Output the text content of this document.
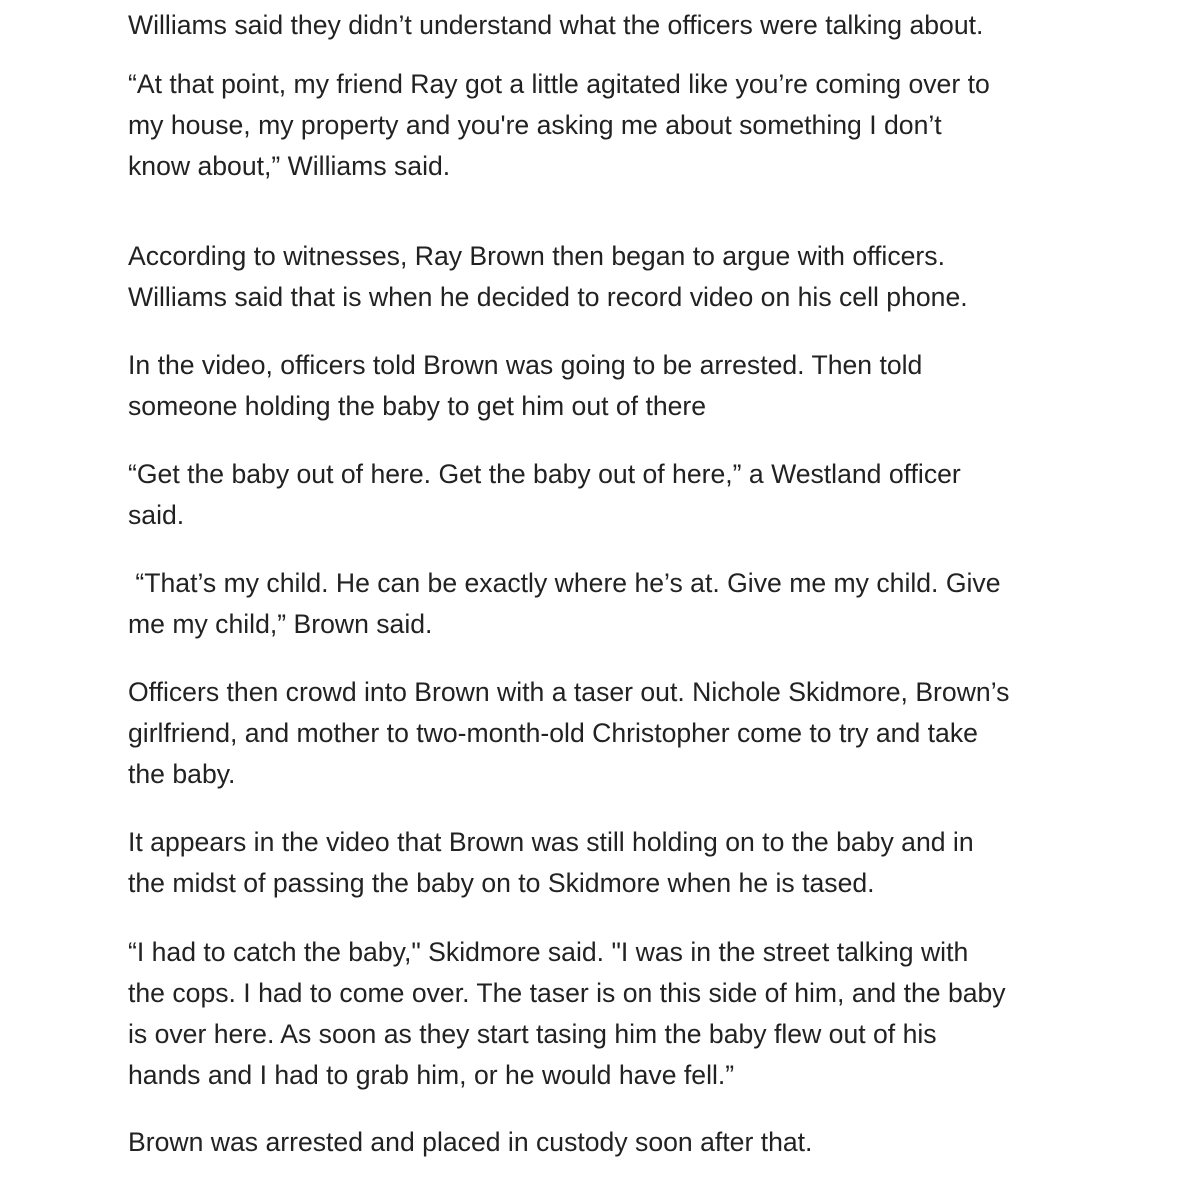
Williams said they didn’t understand what the officers were talking about.

“At that point, my friend Ray got a little agitated like you’re coming over to
my house, my property and you're asking me about something I don’t
know about,” Williams said.

According to witnesses, Ray Brown then began to argue with officers.
Williams said that is when he decided to record video on his cell phone.

In the video, officers told Brown was going to be arrested. Then told
someone holding the baby to get him out of there

“Get the baby out of here. Get the baby out of here,” a Westland officer
said.

“That’s my child. He can be exactly where he’s at. Give me my child. Give
me my child,” Brown said.

Officers then crowd into Brown with a taser out. Nichole Skidmore, Brown’s
girlfriend, and mother to two-month-old Christopher come to try and take
the baby.

It appears in the video that Brown was still holding on to the baby and in
the midst of passing the baby on to Skidmore when he is tased.

“I had to catch the baby," Skidmore said. "I was in the street talking with
the cops. I had to come over. The taser is on this side of him, and the baby
is over here. As soon as they start tasing him the baby flew out of his
hands and I had to grab him, or he would have fell.”

Brown was arrested and placed in custody soon after that.
